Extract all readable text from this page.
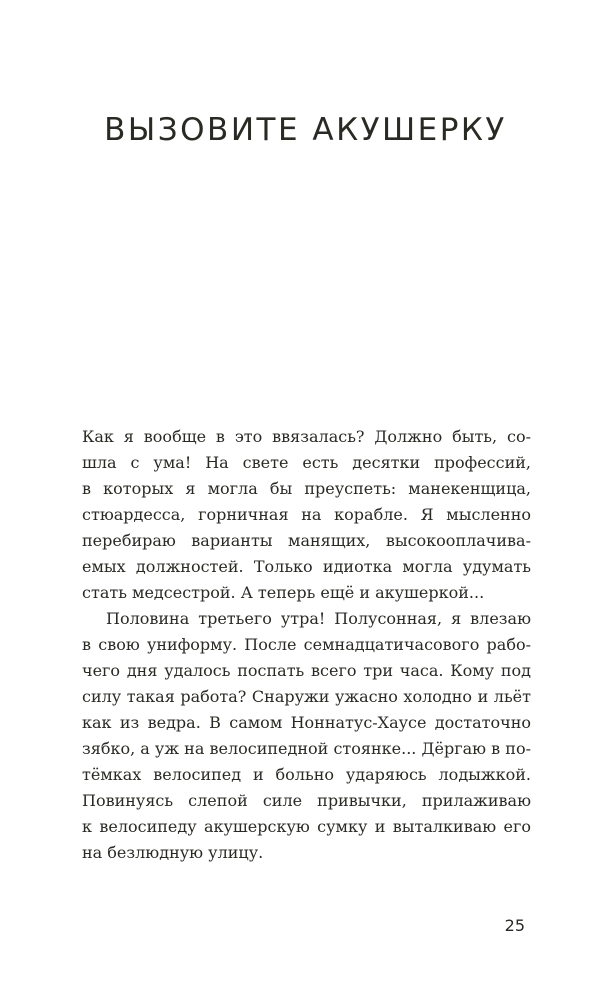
ВЫЗОВИТЕ АКУШЕРКУ

Как я вообще в это ввязалась? Должно быть, со-
шла с ума! На свете есть десятки профессий,
в которых я могла бы преуспеть: манекенщица,
стюардесса, горничная на корабле. Я мысленно
перебираю варианты манящих, высокооплачива-
емых должностей. Только идиотка могла удумать
стать медсестрой. А теперь ещё и акушеркой...

Половина третьего утра! Полусонная, я влезаю
в свою униформу. После семнадцатичасового рабо-
чего дня удалось поспать всего три часа. Кому под
силу такая работа? Снаружи ужасно холодно и льёт
как из ведра. В самом Ноннатус-Хаусе достаточно
зябко, а уж на велосипедной стоянке... Дёргаю в по-
тёмках велосипед и больно ударяюсь лодыжкой.
Повинуясь слепой силе привычки, прилаживаю
к велосипеду акушерскую сумку и выталкиваю его
на безлюдную улицу.

25
